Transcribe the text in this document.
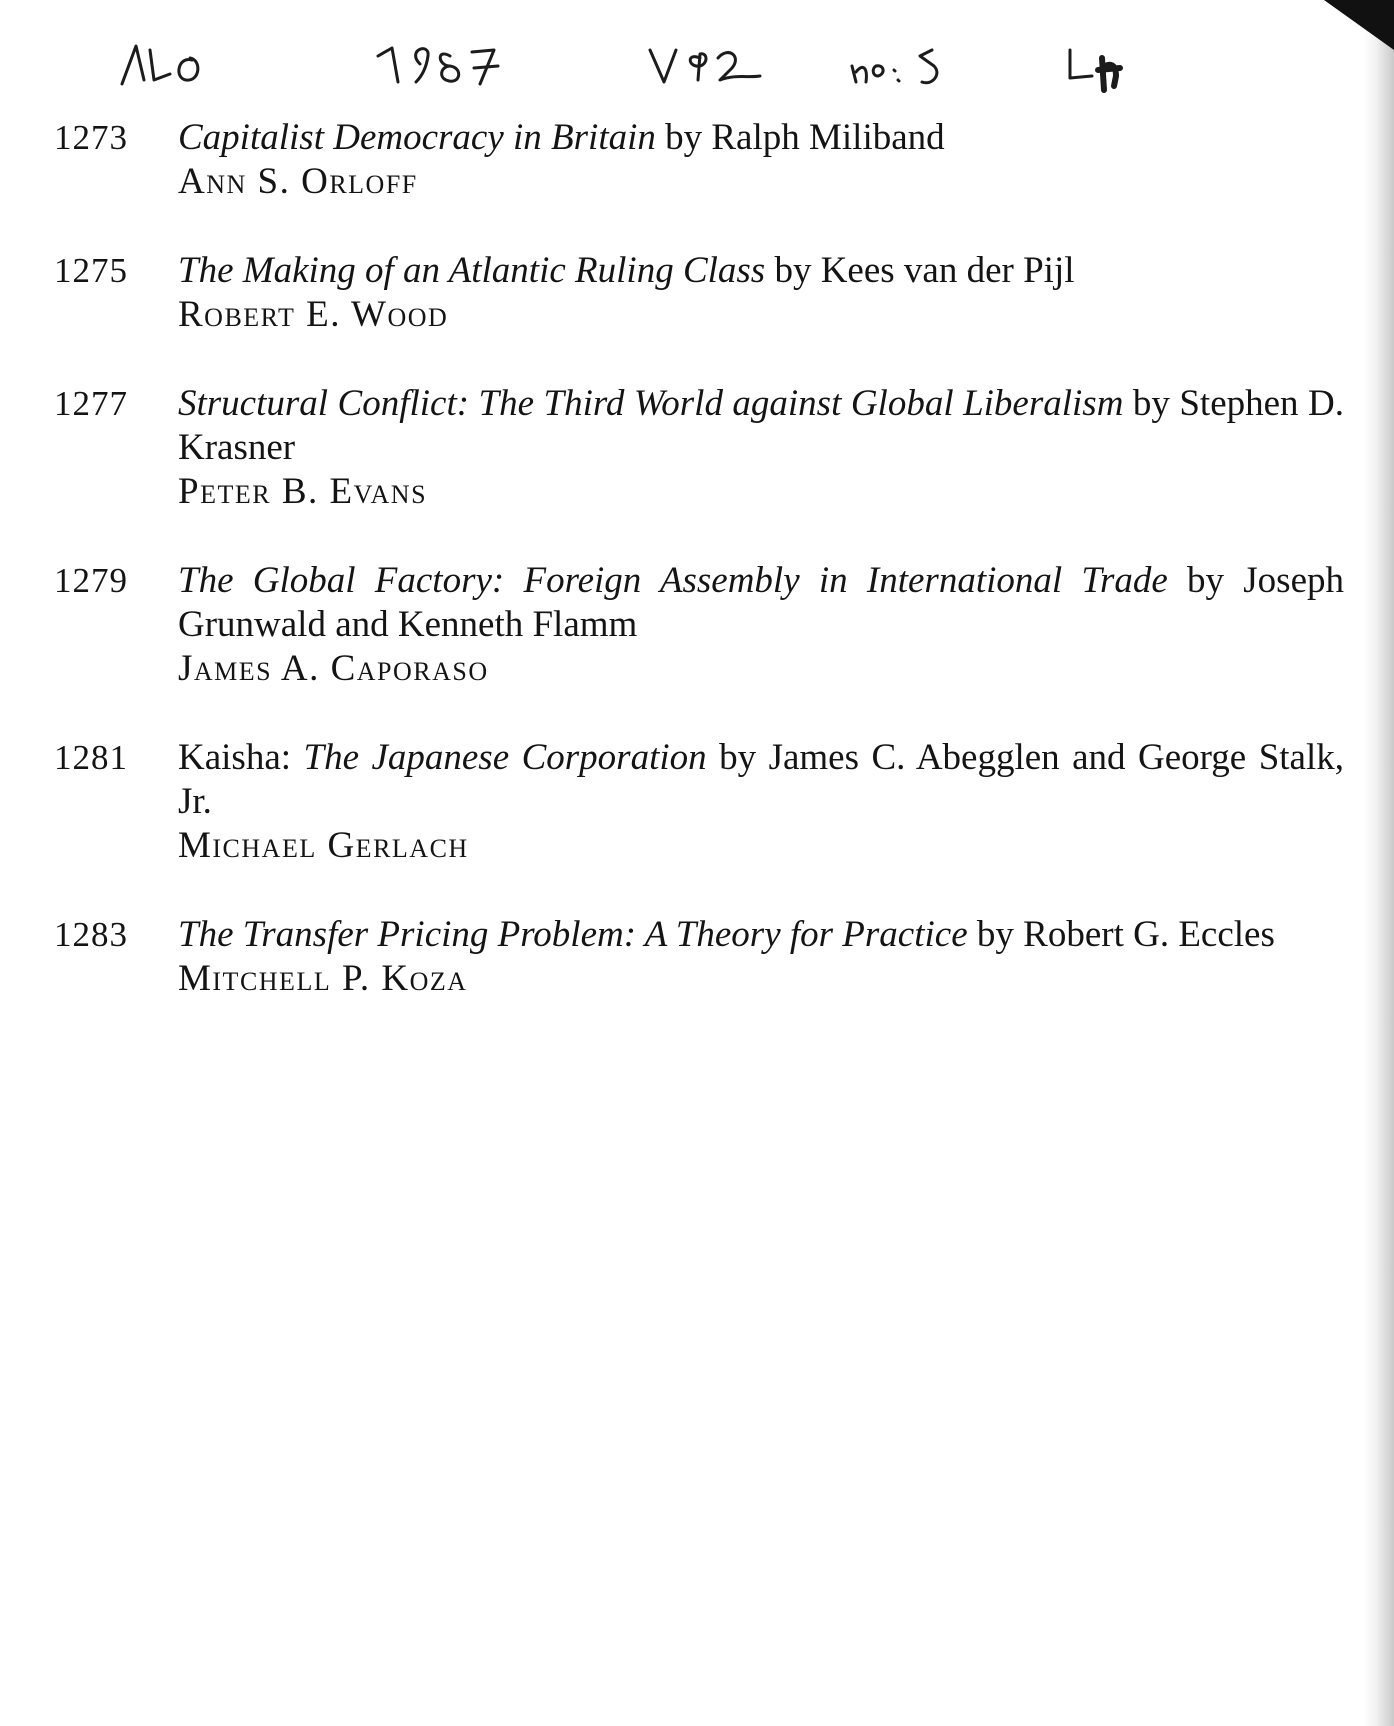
1273	Capitalist Democracy in Britain by Ralph Miliband

Ann S. Orloff

1275	The Making of an Atlantic Ruling Class by Kees van der Pijl

Robert E. Wood

1277	Structural Conflict: The Third World against Global Liberalism by Stephen D. Krasner

Peter B. Evans

1279	The Global Factory: Foreign Assembly in International Trade by Joseph Grunwald and Kenneth Flamm

James A. Caporaso

1281	Kaisha: The Japanese Corporation by James C. Abegglen and George Stalk, Jr.

Michael Gerlach

1283	The Transfer Pricing Problem: A Theory for Practice by Robert G. Eccles

Mitchell P. Koza
